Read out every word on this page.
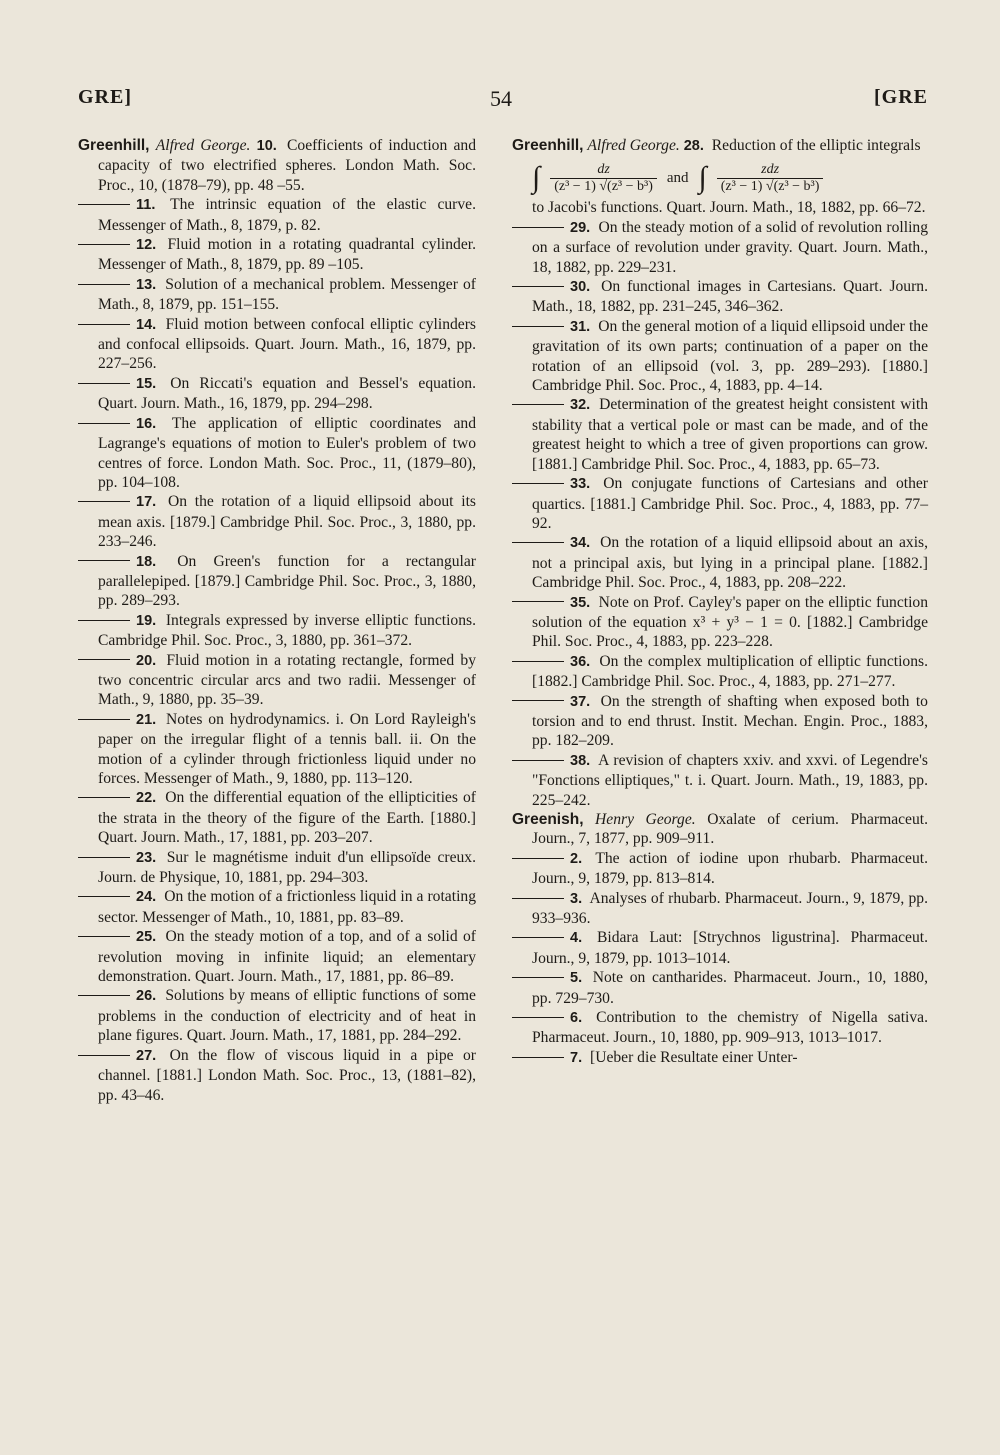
GRE]	54	[GRE

Greenhill, Alfred George. 10. Coefficients of induction and capacity of two electrified spheres. London Math. Soc. Proc., 10, (1878–79), pp. 48 –55.

11. The intrinsic equation of the elastic curve. Messenger of Math., 8, 1879, p. 82.

12. Fluid motion in a rotating quadrantal cylinder. Messenger of Math., 8, 1879, pp. 89 –105.

13. Solution of a mechanical problem. Messenger of Math., 8, 1879, pp. 151–155.

14. Fluid motion between confocal elliptic cylinders and confocal ellipsoids. Quart. Journ. Math., 16, 1879, pp. 227–256.

15. On Riccati's equation and Bessel's equation. Quart. Journ. Math., 16, 1879, pp. 294–298.

16. The application of elliptic coordinates and Lagrange's equations of motion to Euler's problem of two centres of force. London Math. Soc. Proc., 11, (1879–80), pp. 104–108.

17. On the rotation of a liquid ellipsoid about its mean axis. [1879.] Cambridge Phil. Soc. Proc., 3, 1880, pp. 233–246.

18. On Green's function for a rectangular parallelepiped. [1879.] Cambridge Phil. Soc. Proc., 3, 1880, pp. 289–293.

19. Integrals expressed by inverse elliptic functions. Cambridge Phil. Soc. Proc., 3, 1880, pp. 361–372.

20. Fluid motion in a rotating rectangle, formed by two concentric circular arcs and two radii. Messenger of Math., 9, 1880, pp. 35–39.

21. Notes on hydrodynamics. i. On Lord Rayleigh's paper on the irregular flight of a tennis ball. ii. On the motion of a cylinder through frictionless liquid under no forces. Messenger of Math., 9, 1880, pp. 113–120.

22. On the differential equation of the ellipticities of the strata in the theory of the figure of the Earth. [1880.] Quart. Journ. Math., 17, 1881, pp. 203–207.

23. Sur le magnétisme induit d'un ellipsoïde creux. Journ. de Physique, 10, 1881, pp. 294–303.

24. On the motion of a frictionless liquid in a rotating sector. Messenger of Math., 10, 1881, pp. 83–89.

25. On the steady motion of a top, and of a solid of revolution moving in infinite liquid; an elementary demonstration. Quart. Journ. Math., 17, 1881, pp. 86–89.

26. Solutions by means of elliptic functions of some problems in the conduction of electricity and of heat in plane figures. Quart. Journ. Math., 17, 1881, pp. 284–292.

27. On the flow of viscous liquid in a pipe or channel. [1881.] London Math. Soc. Proc., 13, (1881–82), pp. 43–46.

Greenhill, Alfred George. 28. Reduction of the elliptic integrals

∫ $\frac{dz}{\text{(z³ − 1) √(z³ − b³)}}$ and ∫ $\frac{\text{zdz}}{\text{(z³ − 1) √(z³ − b³)}}$

to Jacobi's functions. Quart. Journ. Math., 18, 1882, pp. 66–72.

29. On the steady motion of a solid of revolution rolling on a surface of revolution under gravity. Quart. Journ. Math., 18, 1882, pp. 229–231.

30. On functional images in Cartesians. Quart. Journ. Math., 18, 1882, pp. 231–245, 346–362.

31. On the general motion of a liquid ellipsoid under the gravitation of its own parts; continuation of a paper on the rotation of an ellipsoid (vol. 3, pp. 289–293). [1880.] Cambridge Phil. Soc. Proc., 4, 1883, pp. 4–14.

32. Determination of the greatest height consistent with stability that a vertical pole or mast can be made, and of the greatest height to which a tree of given proportions can grow. [1881.] Cambridge Phil. Soc. Proc., 4, 1883, pp. 65–73.

33. On conjugate functions of Cartesians and other quartics. [1881.] Cambridge Phil. Soc. Proc., 4, 1883, pp. 77–92.

34. On the rotation of a liquid ellipsoid about an axis, not a principal axis, but lying in a principal plane. [1882.] Cambridge Phil. Soc. Proc., 4, 1883, pp. 208–222.

35. Note on Prof. Cayley's paper on the elliptic function solution of the equation x³ + y³ − 1 = 0. [1882.] Cambridge Phil. Soc. Proc., 4, 1883, pp. 223–228.

36. On the complex multiplication of elliptic functions. [1882.] Cambridge Phil. Soc. Proc., 4, 1883, pp. 271–277.

37. On the strength of shafting when exposed both to torsion and to end thrust. Instit. Mechan. Engin. Proc., 1883, pp. 182–209.

38. A revision of chapters xxiv. and xxvi. of Legendre's "Fonctions elliptiques," t. i. Quart. Journ. Math., 19, 1883, pp. 225–242.

Greenish, Henry George. Oxalate of cerium. Pharmaceut. Journ., 7, 1877, pp. 909–911.

2. The action of iodine upon rhubarb. Pharmaceut. Journ., 9, 1879, pp. 813–814.

3. Analyses of rhubarb. Pharmaceut. Journ., 9, 1879, pp. 933–936.

4. Bidara Laut: [Strychnos ligustrina]. Pharmaceut. Journ., 9, 1879, pp. 1013–1014.

5. Note on cantharides. Pharmaceut. Journ., 10, 1880, pp. 729–730.

6. Contribution to the chemistry of Nigella sativa. Pharmaceut. Journ., 10, 1880, pp. 909–913, 1013–1017.

7. [Ueber die Resultate einer Unter-
